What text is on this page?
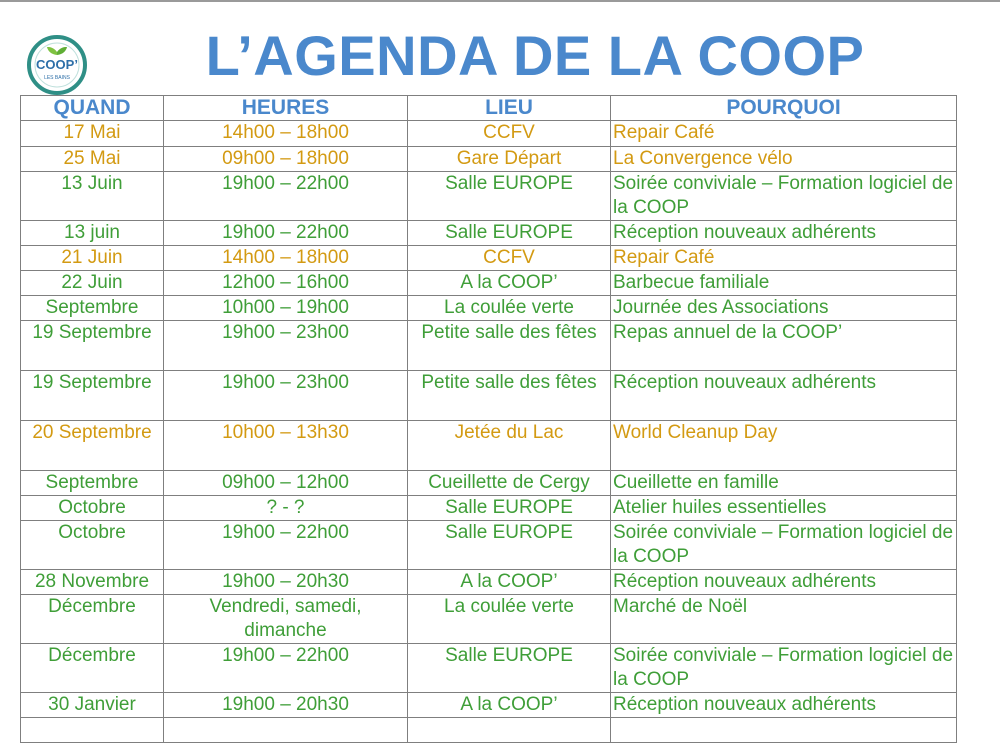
COOP’
LES BAINS	L’AGENDA DE LA COOP
QUAND	HEURES	LIEU	POURQUOI
17 Mai	14h00 – 18h00	CCFV	Repair Café
25 Mai	09h00 – 18h00	Gare Départ	La Convergence vélo
13 Juin	19h00 – 22h00	Salle EUROPE	Soirée conviviale – Formation logiciel de la COOP
13 juin	19h00 – 22h00	Salle EUROPE	Réception nouveaux adhérents
21 Juin	14h00 – 18h00	CCFV	Repair Café
22 Juin	12h00 – 16h00	A la COOP’	Barbecue familiale
Septembre	10h00 – 19h00	La coulée verte	Journée des Associations
19 Septembre	19h00 – 23h00	Petite salle des fêtes	Repas annuel de la COOP’
19 Septembre	19h00 – 23h00	Petite salle des fêtes	Réception nouveaux adhérents
20 Septembre	10h00 – 13h30	Jetée du Lac	World Cleanup Day
Septembre	09h00 – 12h00	Cueillette de Cergy	Cueillette en famille
Octobre	? - ?	Salle EUROPE	Atelier huiles essentielles
Octobre	19h00 – 22h00	Salle EUROPE	Soirée conviviale – Formation logiciel de la COOP
28 Novembre	19h00 – 20h30	A la COOP’	Réception nouveaux adhérents
Décembre	Vendredi, samedi, dimanche	La coulée verte	Marché de Noël
Décembre	19h00 – 22h00	Salle EUROPE	Soirée conviviale – Formation logiciel de la COOP
30 Janvier	19h00 – 20h30	A la COOP’	Réception nouveaux adhérents
